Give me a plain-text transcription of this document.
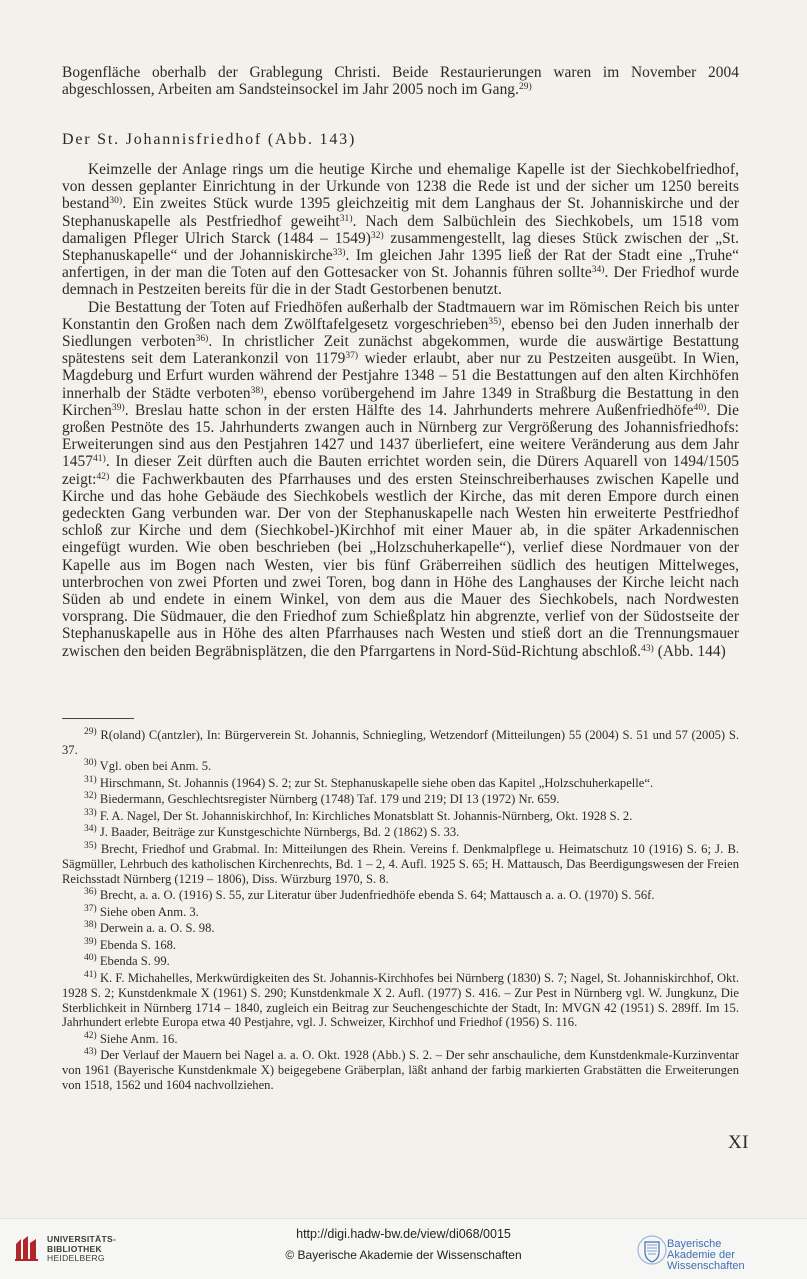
Bogenfläche oberhalb der Grablegung Christi. Beide Restaurierungen waren im November 2004 abgeschlossen, Arbeiten am Sandsteinsockel im Jahr 2005 noch im Gang.$^{29)}$

Der St. Johannisfriedhof (Abb. 143)

Keimzelle der Anlage rings um die heutige Kirche und ehemalige Kapelle ist der Siechkobelfriedhof, von dessen geplanter Einrichtung in der Urkunde von 1238 die Rede ist und der sicher um 1250 bereits bestand$^{30)}$. Ein zweites Stück wurde 1395 gleichzeitig mit dem Langhaus der St. Johanniskirche und der Stephanuskapelle als Pestfriedhof geweiht$^{31)}$. Nach dem Salbüchlein des Siechkobels, um 1518 vom damaligen Pfleger Ulrich Starck (1484 – 1549)$^{32)}$ zusammengestellt, lag dieses Stück zwischen der „St. Stephanuskapelle“ und der Johanniskirche$^{33)}$. Im gleichen Jahr 1395 ließ der Rat der Stadt eine „Truhe“ anfertigen, in der man die Toten auf den Gottesacker von St. Johannis führen sollte$^{34)}$. Der Friedhof wurde demnach in Pestzeiten bereits für die in der Stadt Gestorbenen benutzt.

Die Bestattung der Toten auf Friedhöfen außerhalb der Stadtmauern war im Römischen Reich bis unter Konstantin den Großen nach dem Zwölftafelgesetz vorgeschrieben$^{35)}$, ebenso bei den Juden innerhalb der Siedlungen verboten$^{36)}$. In christlicher Zeit zunächst abgekommen, wurde die auswärtige Bestattung spätestens seit dem Laterankonzil von 1179$^{37)}$ wieder erlaubt, aber nur zu Pestzeiten ausgeübt. In Wien, Magdeburg und Erfurt wurden während der Pestjahre 1348 – 51 die Bestattungen auf den alten Kirchhöfen innerhalb der Städte verboten$^{38)}$, ebenso vorübergehend im Jahre 1349 in Straßburg die Bestattung in den Kirchen$^{39)}$. Breslau hatte schon in der ersten Hälfte des 14. Jahrhunderts mehrere Außenfriedhöfe$^{40)}$. Die großen Pestnöte des 15. Jahrhunderts zwangen auch in Nürnberg zur Vergrößerung des Johannisfriedhofs: Erweiterungen sind aus den Pestjahren 1427 und 1437 überliefert, eine weitere Veränderung aus dem Jahr 1457$^{41)}$. In dieser Zeit dürften auch die Bauten errichtet worden sein, die Dürers Aquarell von 1494/1505 zeigt:$^{42)}$ die Fachwerkbauten des Pfarrhauses und des ersten Steinschreiberhauses zwischen Kapelle und Kirche und das hohe Gebäude des Siechkobels westlich der Kirche, das mit deren Empore durch einen gedeckten Gang verbunden war. Der von der Stephanuskapelle nach Westen hin erweiterte Pestfriedhof schloß zur Kirche und dem (Siechkobel-)Kirchhof mit einer Mauer ab, in die später Arkadennischen eingefügt wurden. Wie oben beschrieben (bei „Holzschuherkapelle“), verlief diese Nordmauer von der Kapelle aus im Bogen nach Westen, vier bis fünf Gräberreihen südlich des heutigen Mittelweges, unterbrochen von zwei Pforten und zwei Toren, bog dann in Höhe des Langhauses der Kirche leicht nach Süden ab und endete in einem Winkel, von dem aus die Mauer des Siechkobels, nach Nordwesten vorsprang. Die Südmauer, die den Friedhof zum Schießplatz hin abgrenzte, verlief von der Südostseite der Stephanuskapelle aus in Höhe des alten Pfarrhauses nach Westen und stieß dort an die Trennungsmauer zwischen den beiden Begräbnisplätzen, die den Pfarrgartens in Nord-Süd-Richtung abschloß.$^{43)}$ (Abb. 144)

$^{29)}$ R(oland) C(antzler), In: Bürgerverein St. Johannis, Schniegling, Wetzendorf (Mitteilungen) 55 (2004) S. 51 und 57 (2005) S. 37.

$^{30)}$ Vgl. oben bei Anm. 5.

$^{31)}$ Hirschmann, St. Johannis (1964) S. 2; zur St. Stephanuskapelle siehe oben das Kapitel „Holzschuherkapelle“.

$^{32)}$ Biedermann, Geschlechtsregister Nürnberg (1748) Taf. 179 und 219; DI 13 (1972) Nr. 659.

$^{33)}$ F. A. Nagel, Der St. Johanniskirchhof, In: Kirchliches Monatsblatt St. Johannis-Nürnberg, Okt. 1928 S. 2.

$^{34)}$ J. Baader, Beiträge zur Kunstgeschichte Nürnbergs, Bd. 2 (1862) S. 33.

$^{35)}$ Brecht, Friedhof und Grabmal. In: Mitteilungen des Rhein. Vereins f. Denkmalpflege u. Heimatschutz 10 (1916) S. 6; J. B. Sägmüller, Lehrbuch des katholischen Kirchenrechts, Bd. 1 – 2, 4. Aufl. 1925 S. 65; H. Mattausch, Das Beerdigungswesen der Freien Reichsstadt Nürnberg (1219 – 1806), Diss. Würzburg 1970, S. 8.

$^{36)}$ Brecht, a. a. O. (1916) S. 55, zur Literatur über Judenfriedhöfe ebenda S. 64; Mattausch a. a. O. (1970) S. 56f.

$^{37)}$ Siehe oben Anm. 3.

$^{38)}$ Derwein a. a. O. S. 98.

$^{39)}$ Ebenda S. 168.

$^{40)}$ Ebenda S. 99.

$^{41)}$ K. F. Michahelles, Merkwürdigkeiten des St. Johannis-Kirchhofes bei Nürnberg (1830) S. 7; Nagel, St. Johanniskirchhof, Okt. 1928 S. 2; Kunstdenkmale X (1961) S. 290; Kunstdenkmale X 2. Aufl. (1977) S. 416. – Zur Pest in Nürnberg vgl. W. Jungkunz, Die Sterblichkeit in Nürnberg 1714 – 1840, zugleich ein Beitrag zur Seuchengeschichte der Stadt, In: MVGN 42 (1951) S. 289ff. Im 15. Jahrhundert erlebte Europa etwa 40 Pestjahre, vgl. J. Schweizer, Kirchhof und Friedhof (1956) S. 116.

$^{42)}$ Siehe Anm. 16.

$^{43)}$ Der Verlauf der Mauern bei Nagel a. a. O. Okt. 1928 (Abb.) S. 2. – Der sehr anschauliche, dem Kunstdenkmale-Kurzinventar von 1961 (Bayerische Kunstdenkmale X) beigegebene Gräberplan, läßt anhand der farbig markierten Grabstätten die Erweiterungen von 1518, 1562 und 1604 nachvollziehen.

XI
UNIVERSITÄTS-
BIBLIOTHEK
HEIDELBERG
http://digi.hadw-bw.de/view/di068/0015
© Bayerische Akademie der Wissenschaften
Bayerische
Akademie der Wissenschaften
